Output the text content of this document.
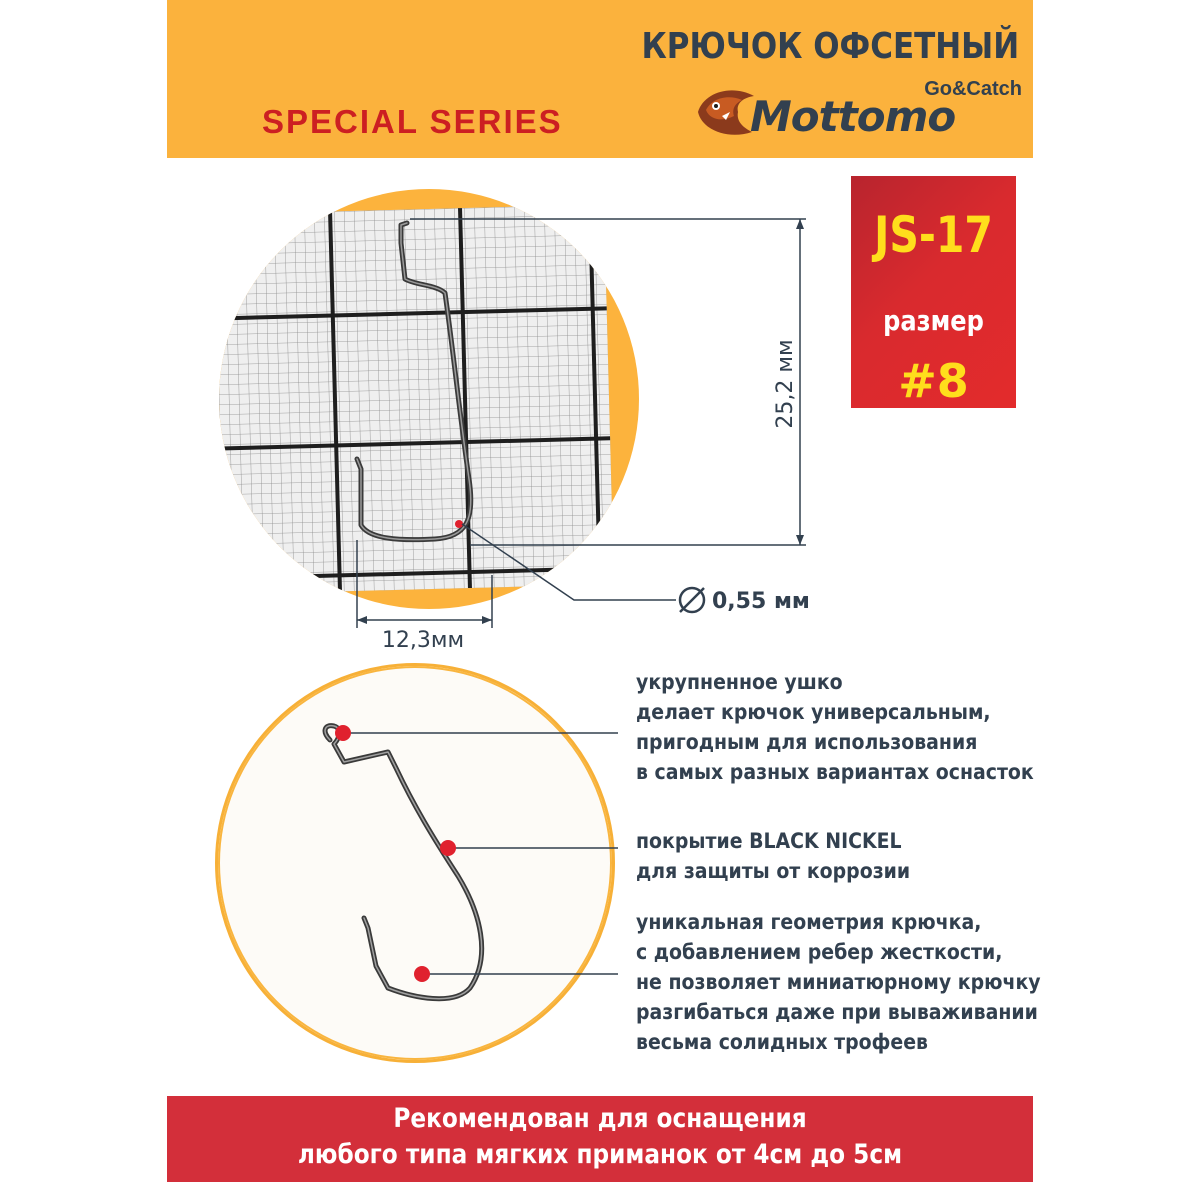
КРЮЧОК ОФСЕТНЫЙ
SPECIAL SERIES
Go&Catch
Mottomo
JS-17
размер
#8
25,2 мм
12,3мм
0,55 мм
укрупненное ушко
делает крючок универсальным,
пригодным для использования
в самых разных вариантах оснасток
покрытие BLACK NICKEL
для защиты от коррозии
уникальная геометрия крючка,
с добавлением ребер жесткости,
не позволяет миниатюрному крючку
разгибаться даже при вываживании
весьма солидных трофеев
Рекомендован для оснащения
любого типа мягких приманок от 4см до 5см
